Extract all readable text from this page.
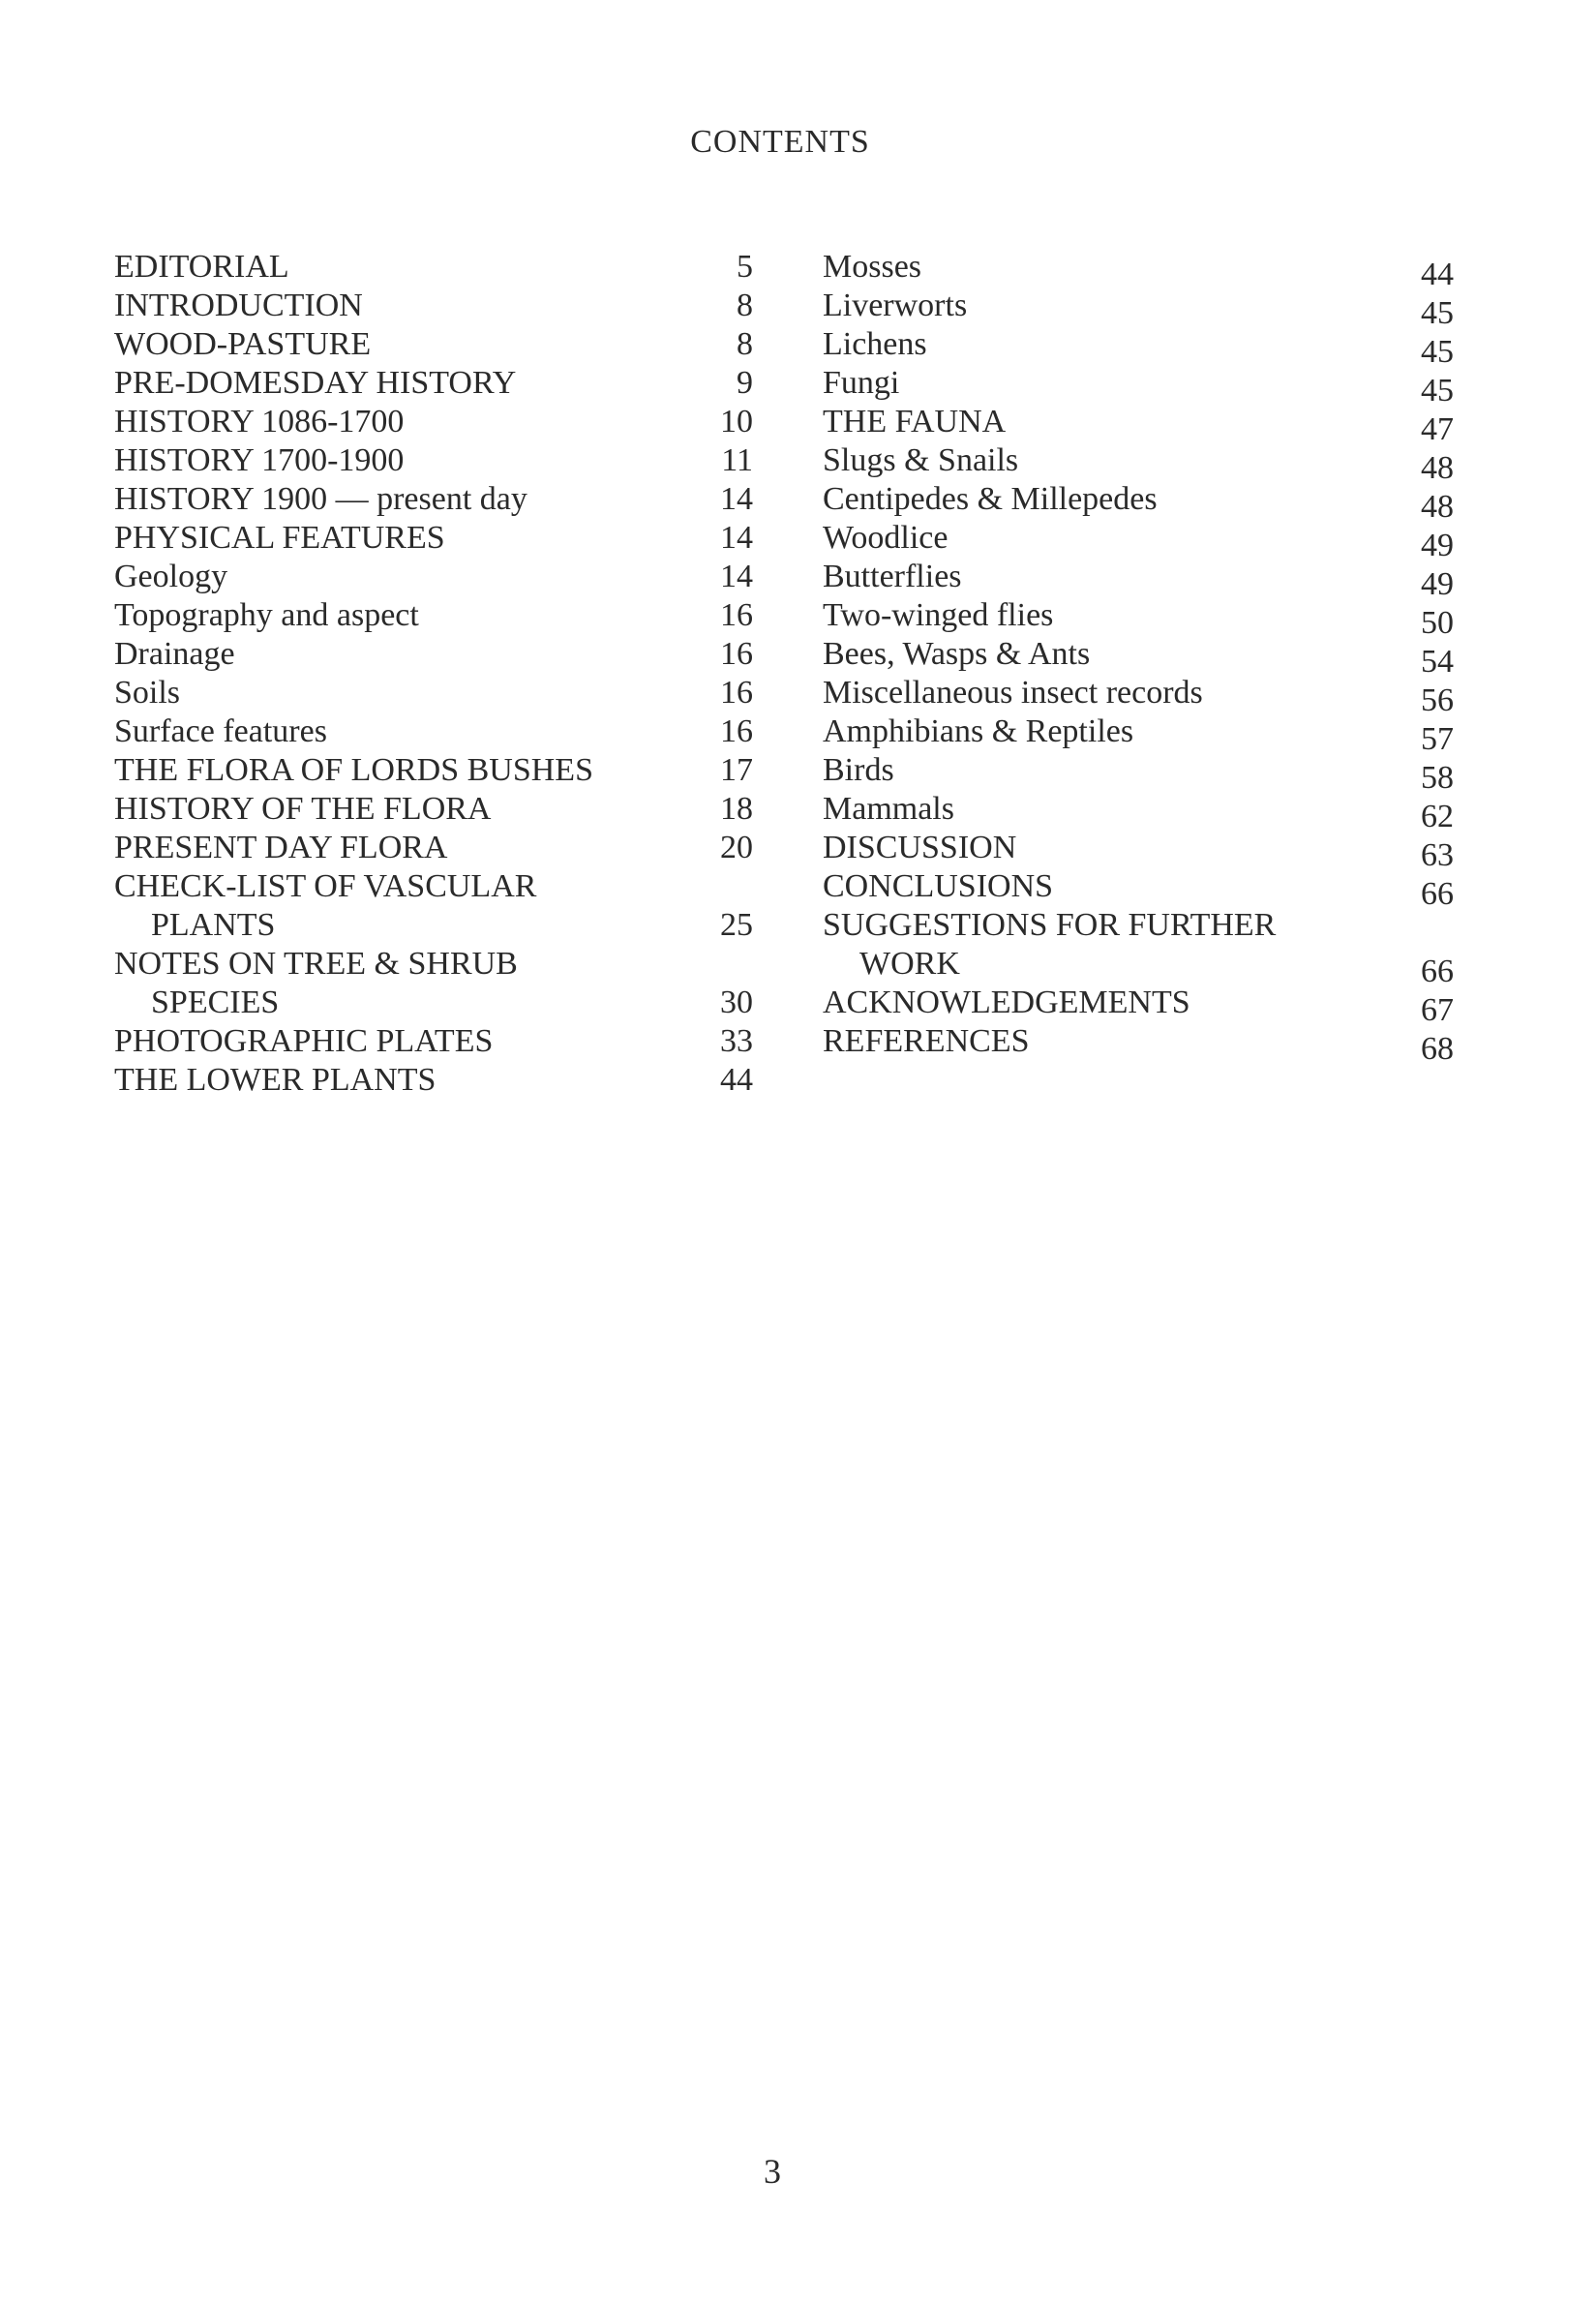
CONTENTS
EDITORIAL	5
INTRODUCTION	8
WOOD-PASTURE	8
PRE-DOMESDAY HISTORY	9
HISTORY 1086-1700	10
HISTORY 1700-1900	11
HISTORY 1900 — present day	14
PHYSICAL FEATURES	14
Geology	14
Topography and aspect	16
Drainage	16
Soils	16
Surface features	16
THE FLORA OF LORDS BUSHES	17
HISTORY OF THE FLORA	18
PRESENT DAY FLORA	20
CHECK-LIST OF VASCULAR
PLANTS	25
NOTES ON TREE & SHRUB
SPECIES	30
PHOTOGRAPHIC PLATES	33
THE LOWER PLANTS	44
Mosses	44
Liverworts	45
Lichens	45
Fungi	45
THE FAUNA	47
Slugs & Snails	48
Centipedes & Millepedes	48
Woodlice	49
Butterflies	49
Two-winged flies	50
Bees, Wasps & Ants	54
Miscellaneous insect records	56
Amphibians & Reptiles	57
Birds	58
Mammals	62
DISCUSSION	63
CONCLUSIONS	66
SUGGESTIONS FOR FURTHER
WORK	66
ACKNOWLEDGEMENTS	67
REFERENCES	68
3
